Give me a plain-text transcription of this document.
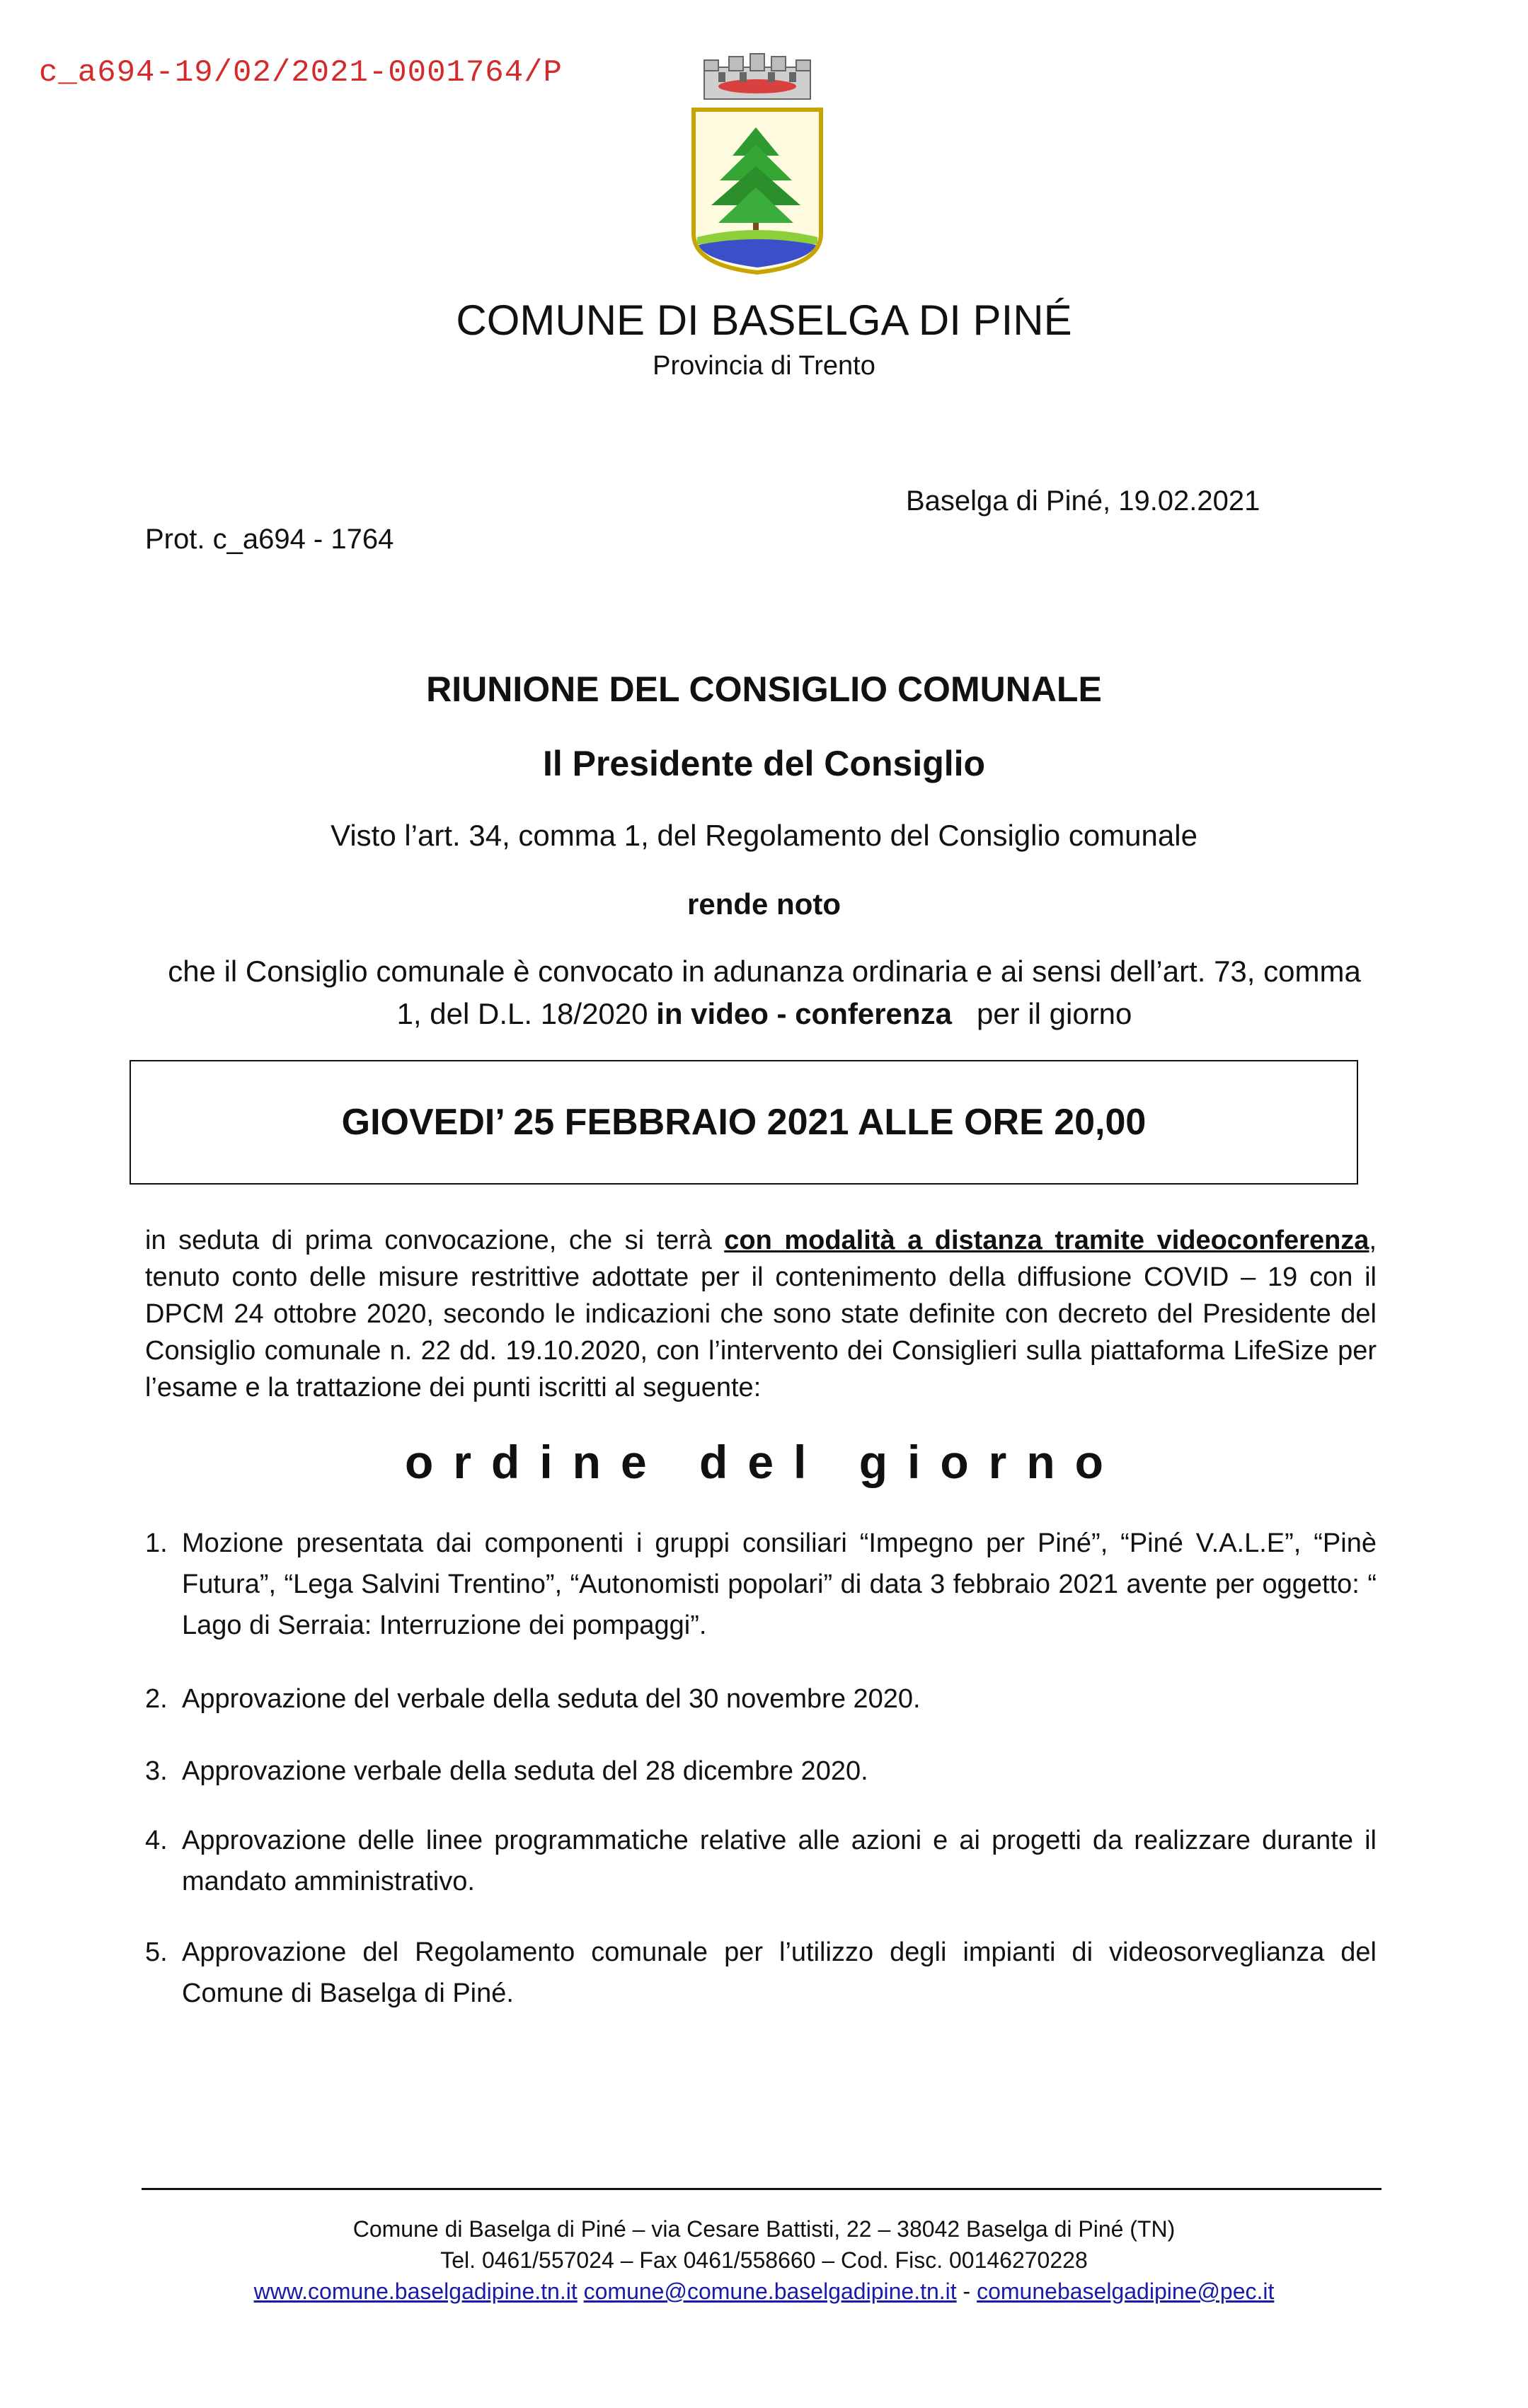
c_a694-19/02/2021-0001764/P
COMUNE DI BASELGA DI PINÉ
Provincia di Trento
Prot. c_a694 - 1764
Baselga di Piné, 19.02.2021
RIUNIONE DEL CONSIGLIO COMUNALE
Il Presidente del Consiglio
Visto l’art. 34, comma 1, del Regolamento del Consiglio comunale
rende noto
che il Consiglio comunale è convocato in adunanza ordinaria e ai sensi dell’art. 73, comma
1, del D.L. 18/2020 in video - conferenza   per il giorno
GIOVEDI’ 25 FEBBRAIO 2021 ALLE ORE 20,00
in seduta di prima convocazione, che si terrà con modalità a distanza tramite videoconferenza, tenuto conto delle misure restrittive adottate per il contenimento della diffusione COVID – 19 con il DPCM 24 ottobre 2020, secondo le indicazioni che sono state definite con decreto del Presidente del Consiglio comunale n. 22 dd. 19.10.2020, con l’intervento dei Consiglieri sulla piattaforma LifeSize per l’esame e la trattazione dei punti iscritti al seguente:
ordine del giorno
1. Mozione presentata dai componenti i gruppi consiliari “Impegno per Piné”, “Piné V.A.L.E”, “Pinè Futura”, “Lega Salvini Trentino”, “Autonomisti popolari” di data 3 febbraio 2021 avente per oggetto: “ Lago di Serraia: Interruzione dei pompaggi”.
2. Approvazione del verbale della seduta del 30 novembre 2020.
3. Approvazione verbale della seduta del 28 dicembre 2020.
4. Approvazione delle linee programmatiche relative alle azioni e ai progetti da realizzare durante il mandato amministrativo.
5. Approvazione del Regolamento comunale per l’utilizzo degli impianti di videosorveglianza del Comune di Baselga di Piné.
Comune di Baselga di Piné – via Cesare Battisti, 22 – 38042 Baselga di Piné (TN)
Tel. 0461/557024 – Fax 0461/558660 – Cod. Fisc. 00146270228
www.comune.baselgadipine.tn.it comune@comune.baselgadipine.tn.it - comunebaselgadipine@pec.it
